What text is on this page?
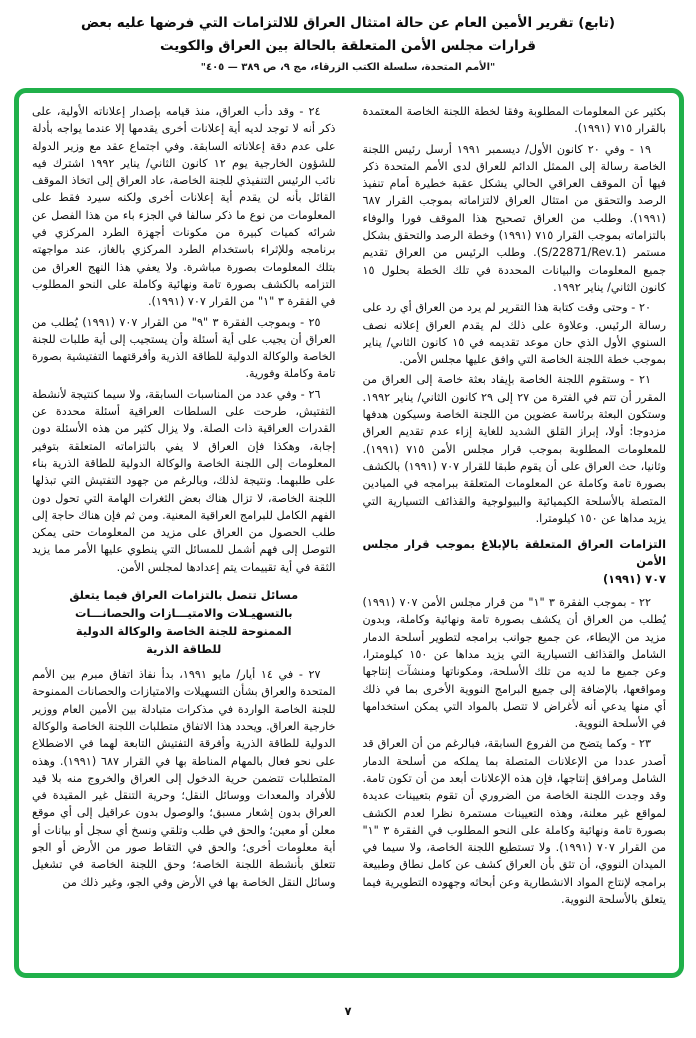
(تابع) تقرير الأمين العام عن حالة امتثال العراق للالتزامات التي فرضها عليه بعض
قرارات مجلس الأمن المتعلقة بالحالة بين العراق والكويت
"الأمم المتحدة، سلسلة الكتب الزرقاء، مج ٩، ص ٣٨٩ — ٤٠٥"

بكثير عن المعلومات المطلوبة وفقا لخطة اللجنة الخاصة المعتمدة بالقرار ٧١٥ (١٩٩١).

١٩ - وفي ٢٠ كانون الأول/ ديسمبر ١٩٩١ أرسل رئيس اللجنة الخاصة رسالة إلى الممثل الدائم للعراق لدى الأمم المتحدة ذكر فيها أن الموقف العراقي الحالي يشكل عقبة خطيرة أمام تنفيذ الرصد والتحقق من امتثال العراق لالتزاماته بموجب القرار ٦٨٧ (١٩٩١). وطلب من العراق تصحيح هذا الموقف فورا والوفاء بالتزاماته بموجب القرار ٧١٥ (١٩٩١) وخطة الرصد والتحقق بشكل مستمر (S/22871/Rev.1). وطلب الرئيس من العراق تقديم جميع المعلومات والبيانات المحددة في تلك الخطة بحلول ١٥ كانون الثاني/ يناير ١٩٩٢.

٢٠ - وحتى وقت كتابة هذا التقرير لم يرد من العراق أي رد على رسالة الرئيس. وعلاوة على ذلك لم يقدم العراق إعلانه نصف السنوي الأول الذي حان موعد تقديمه في ١٥ كانون الثاني/ يناير بموجب خطة اللجنة الخاصة التي وافق عليها مجلس الأمن.

٢١ - وستقوم اللجنة الخاصة بإيفاد بعثة خاصة إلى العراق من المقرر أن تتم في الفترة من ٢٧ إلى ٢٩ كانون الثاني/ يناير ١٩٩٢. وستكون البعثة برئاسة عضوين من اللجنة الخاصة وسيكون هدفها مزدوجا: أولا، إبراز القلق الشديد للغاية إزاء عدم تقديم العراق للمعلومات المطلوبة بموجب قرار مجلس الأمن ٧١٥ (١٩٩١). وثانيا، حث العراق على أن يقوم طبقا للقرار ٧٠٧ (١٩٩١) بالكشف بصورة تامة وكاملة عن المعلومات المتعلقة ببرامجه في الميادين المتصلة بالأسلحة الكيميائية والبيولوجية والقذائف التسيارية التي يزيد مداها عن ١٥٠ كيلومترا.

التزامات العراق المتعلقة بالإبلاغ بموجب قرار مجلس الأمن
٧٠٧ (١٩٩١)

٢٢ - بموجب الفقرة ٣ "١" من قرار مجلس الأمن ٧٠٧ (١٩٩١) يُطلب من العراق أن يكشف بصورة تامة ونهائية وكاملة، وبدون مزيد من الإبطاء، عن جميع جوانب برامجه لتطوير أسلحة الدمار الشامل والقذائف التسيارية التي يزيد مداها عن ١٥٠ كيلومترا، وعن جميع ما لديه من تلك الأسلحة، ومكوناتها ومنشآت إنتاجها ومواقعها، بالإضافة إلى جميع البرامج النووية الأخرى بما في ذلك أي منها يدعي أنه لأغراض لا تتصل بالمواد التي يمكن استخدامها في الأسلحة النووية.

٢٣ - وكما يتضح من الفروع السابقة، فبالرغم من أن العراق قد أصدر عددا من الإعلانات المتصلة بما يملكه من أسلحة الدمار الشامل ومرافق إنتاجها، فإن هذه الإعلانات أبعد من أن تكون تامة. وقد وجدت اللجنة الخاصة من الضروري أن تقوم بتعيينات عديدة لمواقع غير معلنة، وهذه التعيينات مستمرة نظرا لعدم الكشف بصورة تامة ونهائية وكاملة على النحو المطلوب في الفقرة ٣ "١" من القرار ٧٠٧ (١٩٩١). ولا تستطيع اللجنة الخاصة، ولا سيما في الميدان النووي، أن تثق بأن العراق كشف عن كامل نطاق وطبيعة برامجه لإنتاج المواد الانشطارية وعن أبحاثه وجهوده التطويرية فيما يتعلق بالأسلحة النووية.

٢٤ - وقد دأب العراق، منذ قيامه بإصدار إعلاناته الأولية، على ذكر أنه لا توجد لديه أية إعلانات أخرى يقدمها إلا عندما يواجه بأدلة على عدم دقة إعلاناته السابقة. وفي اجتماع عقد مع وزير الدولة للشؤون الخارجية يوم ١٢ كانون الثاني/ يناير ١٩٩٢ اشترك فيه نائب الرئيس التنفيذي للجنة الخاصة، عاد العراق إلى اتخاذ الموقف القائل بأنه لن يقدم أية إعلانات أخرى ولكنه سيرد فقط على المعلومات من نوع ما ذكر سالفا في الجزء باء من هذا الفصل عن شرائه كميات كبيرة من مكونات أجهزة الطرد المركزي في برنامجه وللإثراء باستخدام الطرد المركزي بالغاز، عند مواجهته بتلك المعلومات بصورة مباشرة. ولا يعفي هذا النهج العراق من التزامه بالكشف بصورة تامة ونهائية وكاملة على النحو المطلوب في الفقرة ٣ "١" من القرار ٧٠٧ (١٩٩١).

٢٥ - وبموجب الفقرة ٣ "٩" من القرار ٧٠٧ (١٩٩١) يُطلب من العراق أن يجيب على أية أسئلة وأن يستجيب إلى أية طلبات للجنة الخاصة والوكالة الدولية للطاقة الذرية وأفرقتهما التفتيشية بصورة تامة وكاملة وفورية.

٢٦ - وفي عدد من المناسبات السابقة، ولا سيما كنتيجة لأنشطة التفتيش، طرحت على السلطات العراقية أسئلة محددة عن القدرات العراقية ذات الصلة. ولا يزال كثير من هذه الأسئلة دون إجابة، وهكذا فإن العراق لا يفي بالتزاماته المتعلقة بتوفير المعلومات إلى اللجنة الخاصة والوكالة الدولية للطاقة الذرية بناء على طلبهما. ونتيجة لذلك، وبالرغم من جهود التفتيش التي تبذلها اللجنة الخاصة، لا تزال هناك بعض الثغرات الهامة التي تحول دون الفهم الكامل للبرامج العراقية المعنية. ومن ثم فإن هناك حاجة إلى طلب الحصول من العراق على مزيد من المعلومات حتى يمكن التوصل إلى فهم أشمل للمسائل التي ينطوي عليها الأمر مما يزيد الثقة في أية تقييمات يتم إعدادها لمجلس الأمن.

مسائل تتصل بالتزامات العراق فيما يتعلق
بالتسهيـلات والامتيـــازات والحصانـــات
الممنوحة للجنة الخاصة والوكالة الدولية
للطاقة الذرية

٢٧ - في ١٤ أيار/ مايو ١٩٩١، بدأ نفاذ اتفاق مبرم بين الأمم المتحدة والعراق بشأن التسهيلات والامتيازات والحصانات الممنوحة للجنة الخاصة الواردة في مذكرات متبادلة بين الأمين العام ووزير خارجية العراق. ويحدد هذا الاتفاق متطلبات اللجنة الخاصة والوكالة الدولية للطاقة الذرية وأفرقة التفتيش التابعة لهما في الاضطلاع على نحو فعال بالمهام المناطة بها في القرار ٦٨٧ (١٩٩١). وهذه المتطلبات تتضمن حرية الدخول إلى العراق والخروج منه بلا قيد للأفراد والمعدات ووسائل النقل؛ وحرية التنقل غير المقيدة في العراق بدون إشعار مسبق؛ والوصول بدون عراقيل إلى أي موقع معلن أو معين؛ والحق في طلب وتلقي ونسخ أي سجل أو بيانات أو أية معلومات أخرى؛ والحق في التقاط صور من الأرض أو الجو تتعلق بأنشطة اللجنة الخاصة؛ وحق اللجنة الخاصة في تشغيل وسائل النقل الخاصة بها في الأرض وفي الجو، وغير ذلك من

٧
